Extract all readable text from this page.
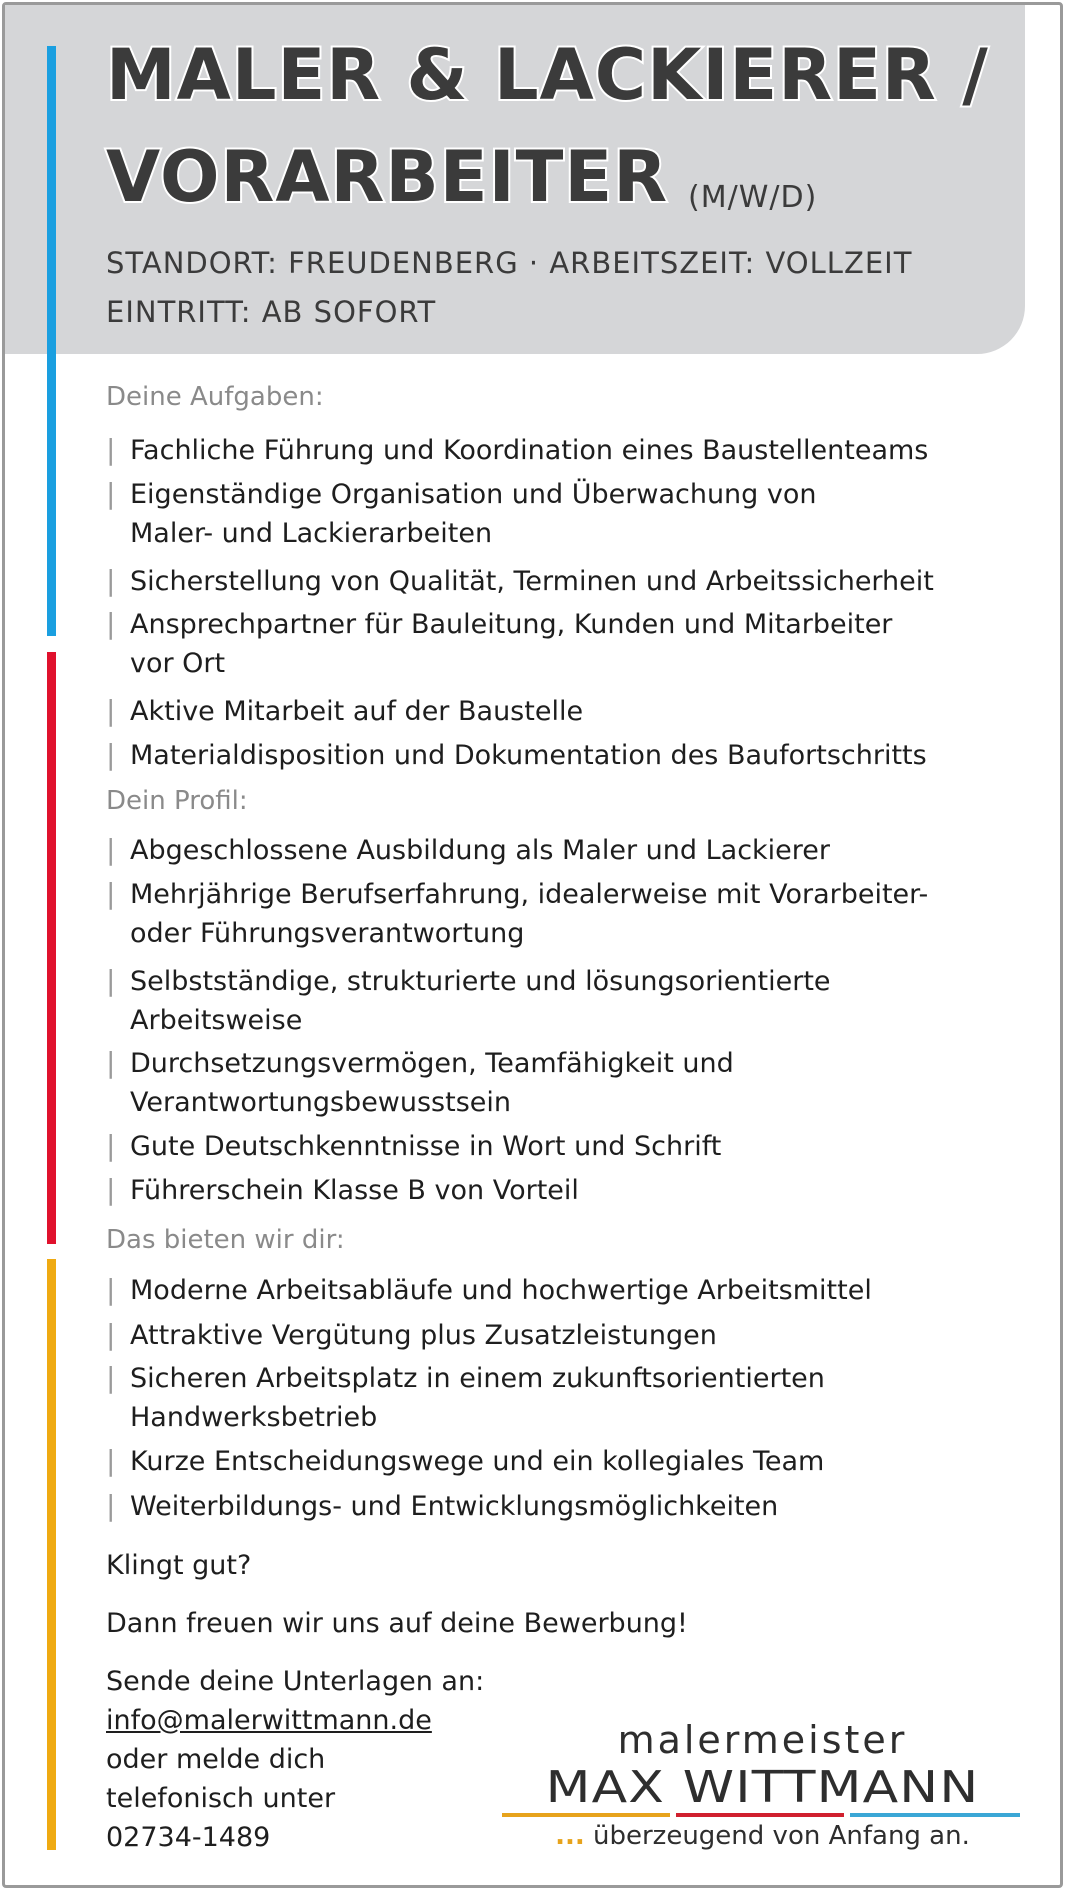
MALER & LACKIERER /
VORARBEITER (M/W/D)
STANDORT: FREUDENBERG · ARBEITSZEIT: VOLLZEIT
EINTRITT: AB SOFORT
Deine Aufgaben:
| Fachliche Führung und Koordination eines Baustellenteams
| Eigenständige Organisation und Überwachung von
Maler- und Lackierarbeiten
| Sicherstellung von Qualität, Terminen und Arbeitssicherheit
| Ansprechpartner für Bauleitung, Kunden und Mitarbeiter
vor Ort
| Aktive Mitarbeit auf der Baustelle
| Materialdisposition und Dokumentation des Baufortschritts
Dein Profil:
| Abgeschlossene Ausbildung als Maler und Lackierer
| Mehrjährige Berufserfahrung, idealerweise mit Vorarbeiter-
oder Führungsverantwortung
| Selbstständige, strukturierte und lösungsorientierte
Arbeitsweise
| Durchsetzungsvermögen, Teamfähigkeit und
Verantwortungsbewusstsein
| Gute Deutschkenntnisse in Wort und Schrift
| Führerschein Klasse B von Vorteil
Das bieten wir dir:
| Moderne Arbeitsabläufe und hochwertige Arbeitsmittel
| Attraktive Vergütung plus Zusatzleistungen
| Sicheren Arbeitsplatz in einem zukunftsorientierten
Handwerksbetrieb
| Kurze Entscheidungswege und ein kollegiales Team
| Weiterbildungs- und Entwicklungsmöglichkeiten
Klingt gut?
Dann freuen wir uns auf deine Bewerbung!
Sende deine Unterlagen an:
info@malerwittmann.de
oder melde dich
telefonisch unter
02734-1489
malermeister
MAX WITTMANN
... überzeugend von Anfang an.
